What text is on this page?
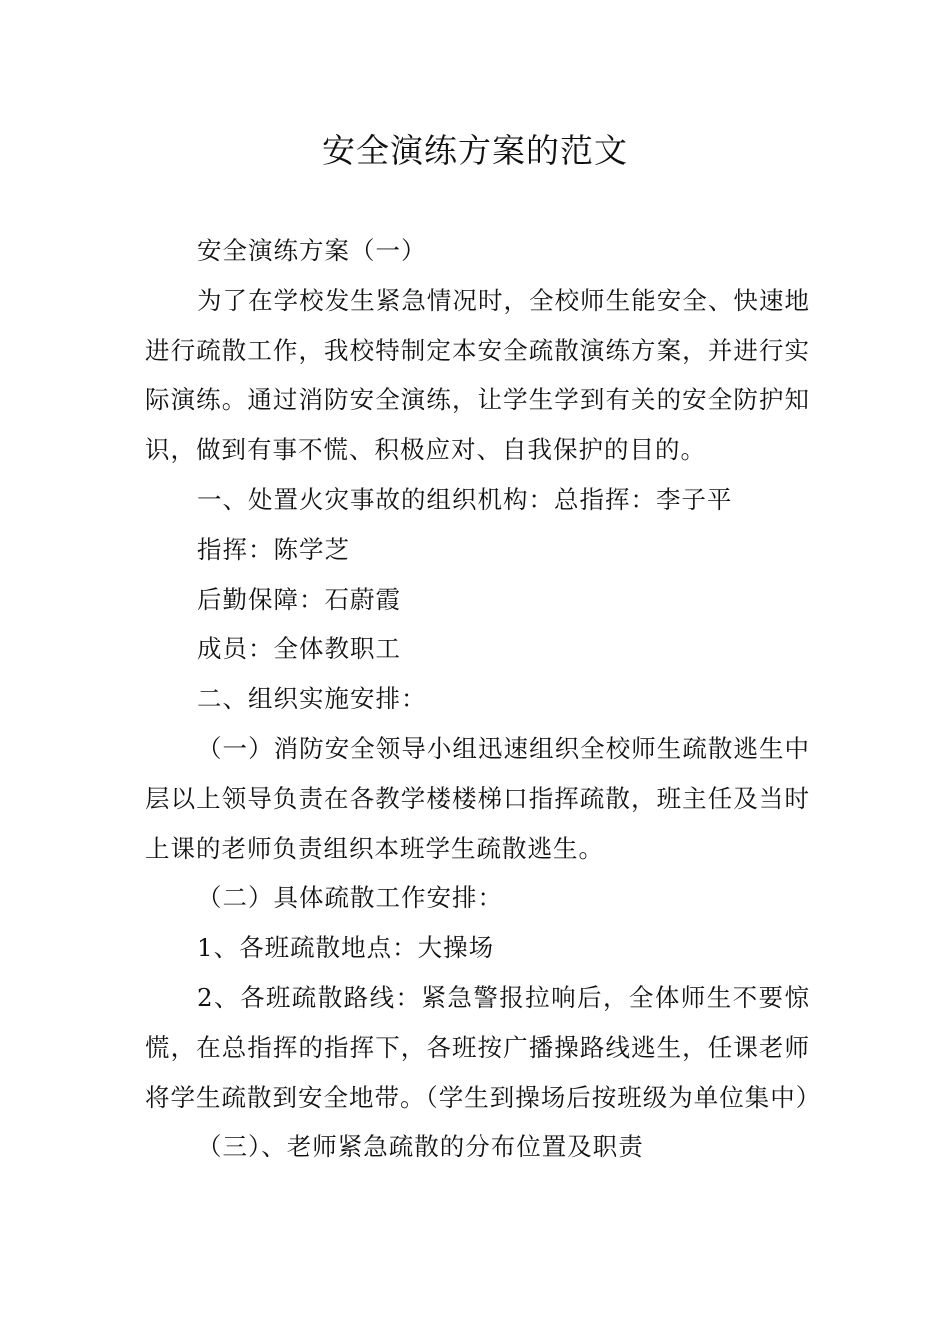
安全演练方案的范文

安全演练方案（一）

为了在学校发生紧急情况时，全校师生能安全、快速地进行疏散工作，我校特制定本安全疏散演练方案，并进行实际演练。通过消防安全演练，让学生学到有关的安全防护知识，做到有事不慌、积极应对、自我保护的目的。

一、处置火灾事故的组织机构：总指挥：李子平

指挥：陈学芝

后勤保障：石蔚霞

成员：全体教职工

二、组织实施安排：

（一）消防安全领导小组迅速组织全校师生疏散逃生中层以上领导负责在各教学楼楼梯口指挥疏散，班主任及当时上课的老师负责组织本班学生疏散逃生。

（二）具体疏散工作安排：

1、各班疏散地点：大操场

2、各班疏散路线：紧急警报拉响后，全体师生不要惊慌，在总指挥的指挥下，各班按广播操路线逃生，任课老师将学生疏散到安全地带。（学生到操场后按班级为单位集中）

（三）、老师紧急疏散的分布位置及职责
